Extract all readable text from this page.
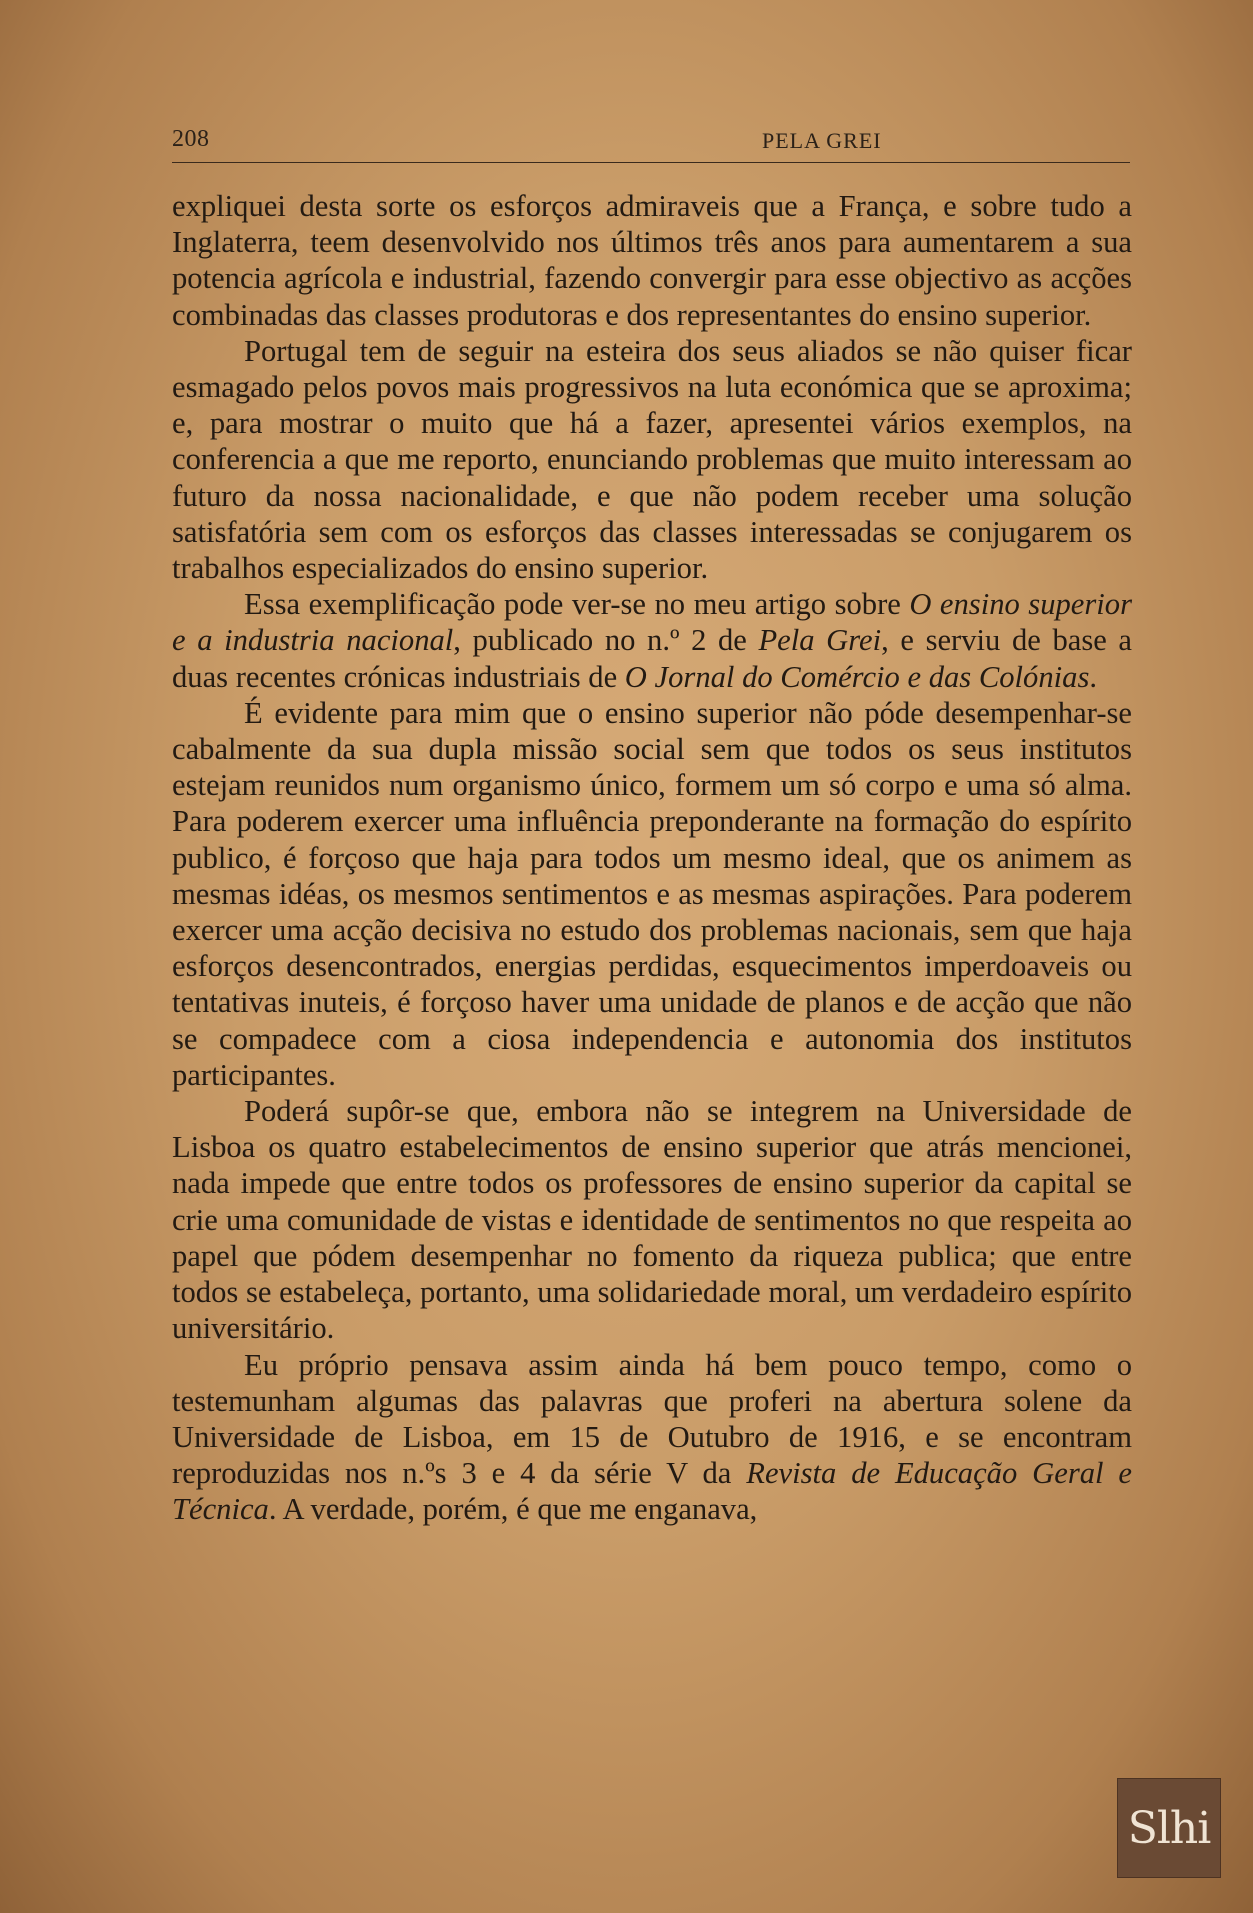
208	PELA GREI

expliquei desta sorte os esforços admiraveis que a França, e sobre tudo a Inglaterra, teem desenvolvido nos últimos três anos para aumentarem a sua potencia agrícola e industrial, fazendo convergir para esse objectivo as acções combinadas das classes produtoras e dos representantes do ensino superior.

Portugal tem de seguir na esteira dos seus aliados se não quiser ficar esmagado pelos povos mais progressivos na luta económica que se aproxima; e, para mostrar o muito que há a fazer, apresentei vários exemplos, na conferencia a que me reporto, enunciando problemas que muito interessam ao futuro da nossa nacionalidade, e que não podem receber uma solução satisfatória sem com os esforços das classes interessadas se conjugarem os trabalhos especializados do ensino superior.

Essa exemplificação pode ver-se no meu artigo sobre O ensino superior e a industria nacional, publicado no n.º 2 de Pela Grei, e serviu de base a duas recentes crónicas industriais de O Jornal do Comércio e das Colónias.

É evidente para mim que o ensino superior não póde desempenhar-se cabalmente da sua dupla missão social sem que todos os seus institutos estejam reunidos num organismo único, formem um só corpo e uma só alma. Para poderem exercer uma influência preponderante na formação do espírito publico, é forçoso que haja para todos um mesmo ideal, que os animem as mesmas idéas, os mesmos sentimentos e as mesmas aspirações. Para poderem exercer uma acção decisiva no estudo dos problemas nacionais, sem que haja esforços desencontrados, energias perdidas, esquecimentos imperdoaveis ou tentativas inuteis, é forçoso haver uma unidade de planos e de acção que não se compadece com a ciosa independencia e autonomia dos institutos participantes.

Poderá supôr-se que, embora não se integrem na Universidade de Lisboa os quatro estabelecimentos de ensino superior que atrás mencionei, nada impede que entre todos os professores de ensino superior da capital se crie uma comunidade de vistas e identidade de sentimentos no que respeita ao papel que pódem desempenhar no fomento da riqueza publica; que entre todos se estabeleça, portanto, uma solidariedade moral, um verdadeiro espírito universitário.

Eu próprio pensava assim ainda há bem pouco tempo, como o testemunham algumas das palavras que proferi na abertura solene da Universidade de Lisboa, em 15 de Outubro de 1916, e se encontram reproduzidas nos n.ºs 3 e 4 da série V da Revista de Educação Geral e Técnica. A verdade, porém, é que me enganava,

Slhi
